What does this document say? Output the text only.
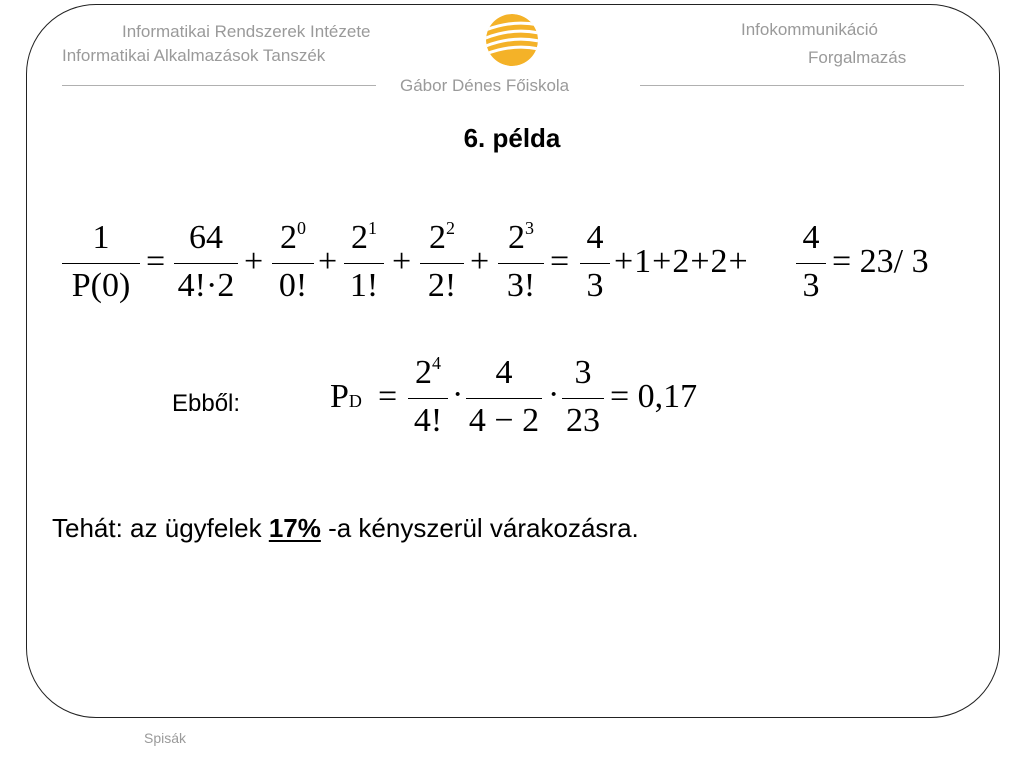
Informatikai Rendszerek Intézete
Informatikai Alkalmazások Tanszék
Infokommunikáció
Forgalmazás
Gábor Dénes Főiskola
6. példa
1
P(0)
=
64
4!·2
+
$2^0$
0!
+
$2^1$
1!
+
$2^2$
2!
+
$2^3$
3!
=
4
3
+1+2+2+
4
3
= 23/ 3
Ebből:	PD =
$2^4$
4!
·
4
4 − 2
·
3
23
= 0,17
Tehát: az ügyfelek 17% -a kényszerül várakozásra.
Spisák
